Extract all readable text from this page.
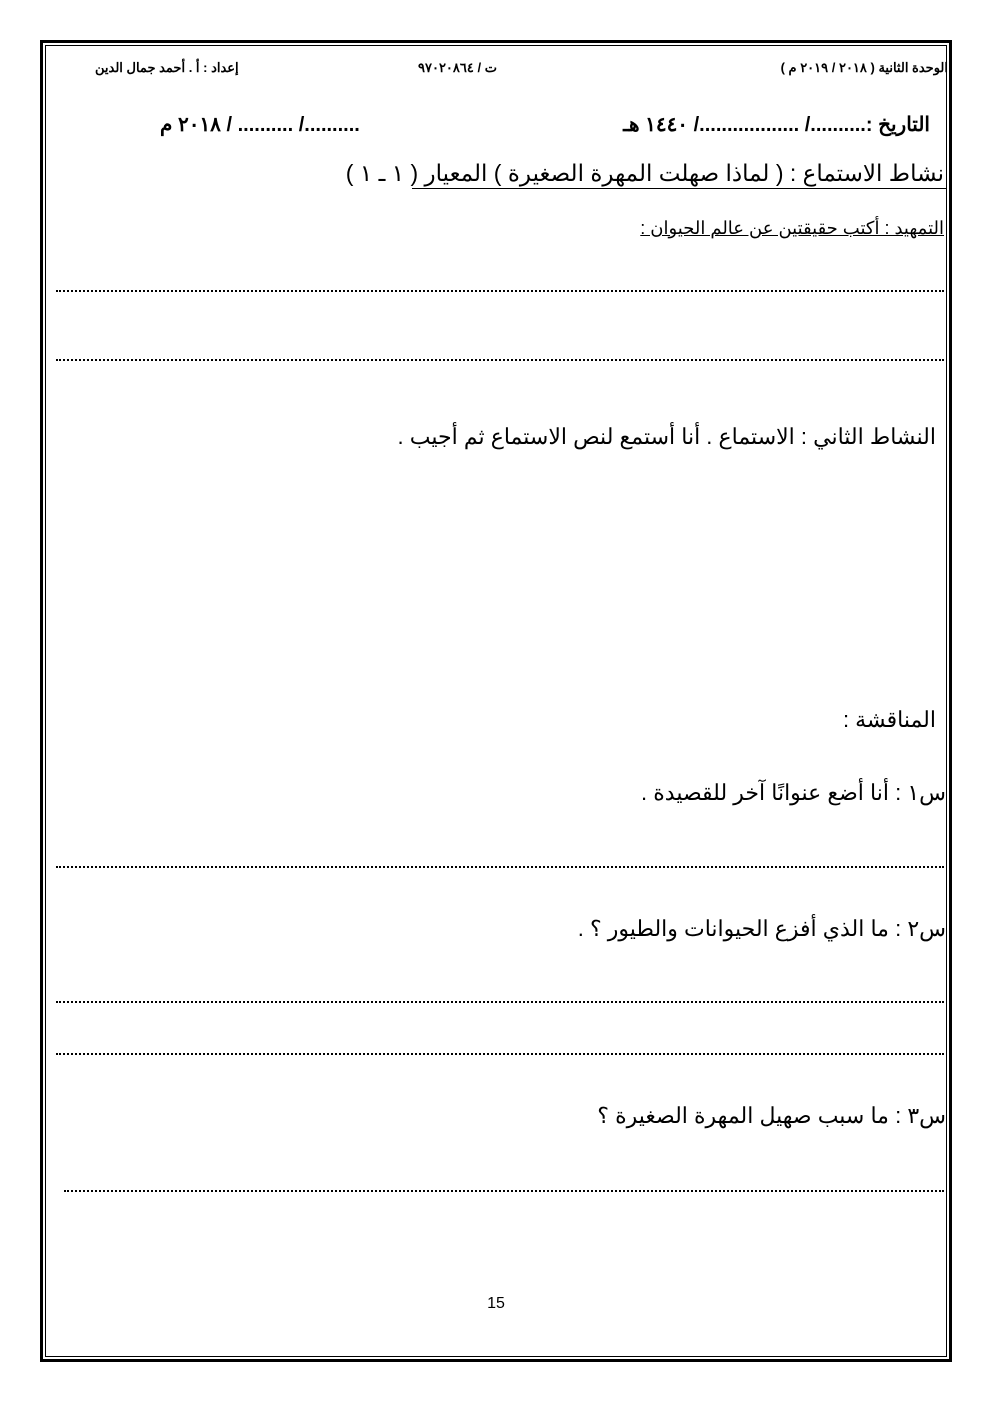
الوحدة الثانية ( ٢٠١٨ / ٢٠١٩ م )
ت / ٩٧٠٢٠٨٦٤
إعداد : أ . أحمد جمال الدين
التاريخ :........../ ................../ ١٤٤٠ هـ
........../ .......... / ٢٠١٨ م
نشاط الاستماع : ( لماذا صهلت المهرة الصغيرة ) المعيار ( ١ ـ ١ )
التمهيد : أكتب حقيقتين عن عالم الحيوان :
النشاط الثاني : الاستماع . أنا أستمع لنص الاستماع ثم أجيب .
المناقشة :
س١ : أنا أضع عنوانًا آخر للقصيدة .
س٢ : ما الذي أفزع الحيوانات والطيور ؟ .
س٣ : ما سبب صهيل المهرة الصغيرة ؟
15
